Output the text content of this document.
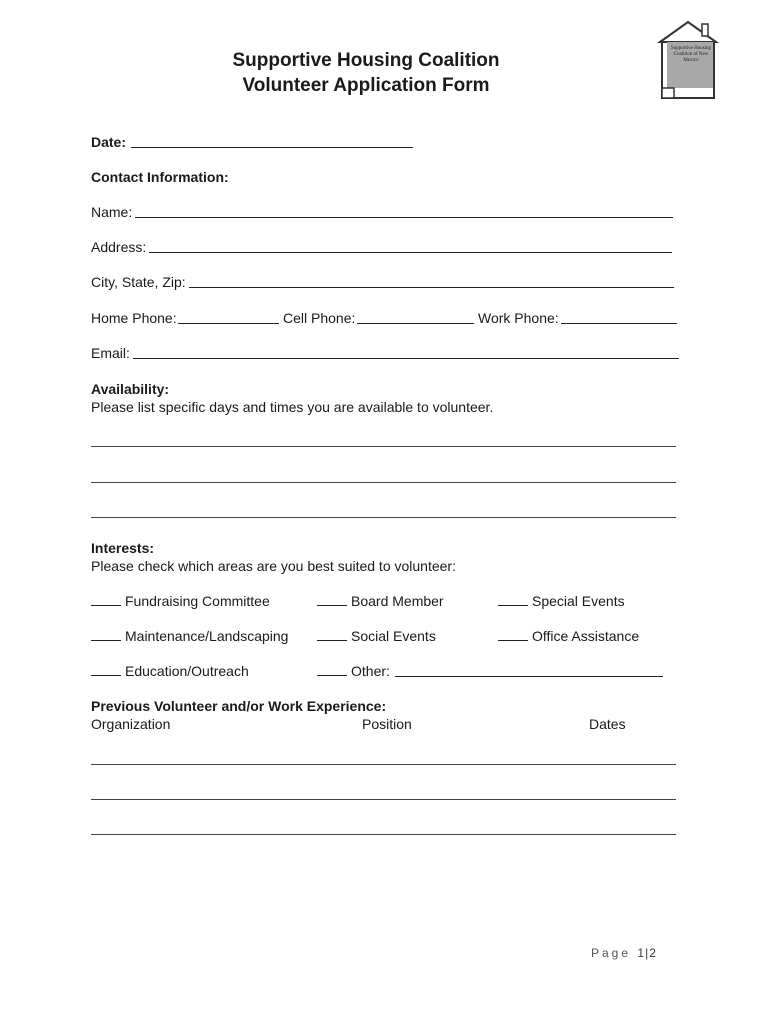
Supportive Housing Coalition of New Mexico
Supportive Housing Coalition
Volunteer Application Form
Date:
Contact Information:
Name:
Address:
City, State, Zip:
Home Phone:	Cell Phone:	Work Phone:
Email:
Availability:
Please list specific days and times you are available to volunteer.
Interests:
Please check which areas are you best suited to volunteer:
Fundraising Committee	Board Member	Special Events
Maintenance/Landscaping	Social Events	Office Assistance
Education/Outreach	Other:
Previous Volunteer and/or Work Experience:
Organization	Position	Dates
Page 1|2
